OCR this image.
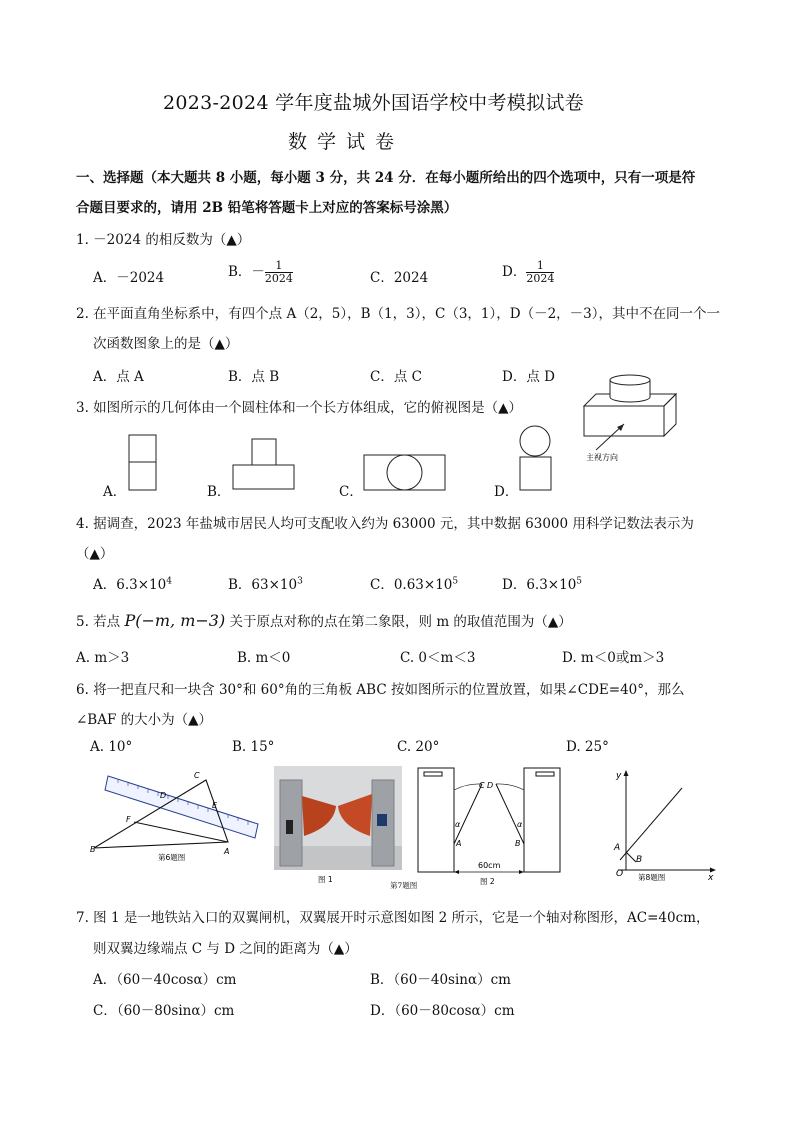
2023-2024 学年度盐城外国语学校中考模拟试卷
数学试卷
一、选择题（本大题共 8 小题，每小题 3 分，共 24 分．在每小题所给出的四个选项中，只有一项是符
合题目要求的，请用 2B 铅笔将答题卡上对应的答案标号涂黑）
1. －2024 的相反数为（▲）
A．－2024	B．－ $\frac{1}{2024}$	C．2024	D． $\frac{1}{2024}$
2. 在平面直角坐标系中，有四个点 A（2，5），B（1，3），C（3，1），D（－2，－3），其中不在同一个一
次函数图象上的是（▲）
A．点 A	B．点 B	C．点 C	D．点 D
3. 如图所示的几何体由一个圆柱体和一个长方体组成，它的俯视图是（▲）
主视方向
A．	B．	C．	D．
4. 据调查，2023 年盐城市居民人均可支配收入约为 63000 元，其中数据 63000 用科学记数法表示为
（▲）
A．$6.3\times 10^4$	B．$63\times 10^3$	C．$0.63\times 10^5$	D．$6.3\times 10^5$
5. 若点 P(−m, m−3) 关于原点对称的点在第二象限，则 m 的取值范围为（▲）
A. m＞3	B. m＜0	C. 0＜m＜3	D. m＜0或m＞3
6. 将一把直尺和一块含 30°和 60°角的三角板 ABC 按如图所示的位置放置，如果∠CDE=40°，那么
∠BAF 的大小为（▲）
A. 10°	B. 15°	C. 20°	D. 25°
C
D
E
F
B	A
第6题图
图 1
第7题图
C D
α	α
A	B
60cm
图 2
y
x
O
A
B
第8题图
7. 图 1 是一地铁站入口的双翼闸机，双翼展开时示意图如图 2 所示，它是一个轴对称图形，AC=40cm，
则双翼边缘端点 C 与 D 之间的距离为（▲）
A．（60－40cosα）cm	B．（60－40sinα）cm
C．（60－80sinα）cm	D．（60－80cosα）cm
